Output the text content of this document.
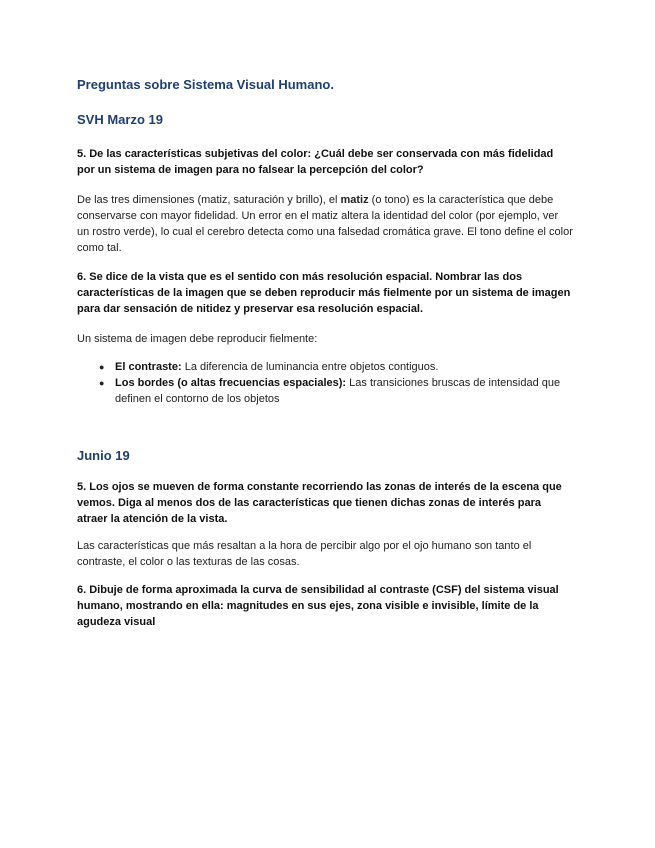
Preguntas sobre Sistema Visual Humano.
SVH Marzo 19
5. De las características subjetivas del color: ¿Cuál debe ser conservada con más fidelidad por un sistema de imagen para no falsear la percepción del color?
De las tres dimensiones (matiz, saturación y brillo), el matiz (o tono) es la característica que debe conservarse con mayor fidelidad. Un error en el matiz altera la identidad del color (por ejemplo, ver un rostro verde), lo cual el cerebro detecta como una falsedad cromática grave. El tono define el color como tal.
6. Se dice de la vista que es el sentido con más resolución espacial. Nombrar las dos características de la imagen que se deben reproducir más fielmente por un sistema de imagen para dar sensación de nitidez y preservar esa resolución espacial.
Un sistema de imagen debe reproducir fielmente:
● El contraste: La diferencia de luminancia entre objetos contiguos.
● Los bordes (o altas frecuencias espaciales): Las transiciones bruscas de intensidad que definen el contorno de los objetos
Junio 19
5. Los ojos se mueven de forma constante recorriendo las zonas de interés de la escena que vemos. Diga al menos dos de las características que tienen dichas zonas de interés para atraer la atención de la vista.
Las características que más resaltan a la hora de percibir algo por el ojo humano son tanto el contraste, el color o las texturas de las cosas.
6. Dibuje de forma aproximada la curva de sensibilidad al contraste (CSF) del sistema visual humano, mostrando en ella: magnitudes en sus ejes, zona visible e invisible, límite de la agudeza visual
